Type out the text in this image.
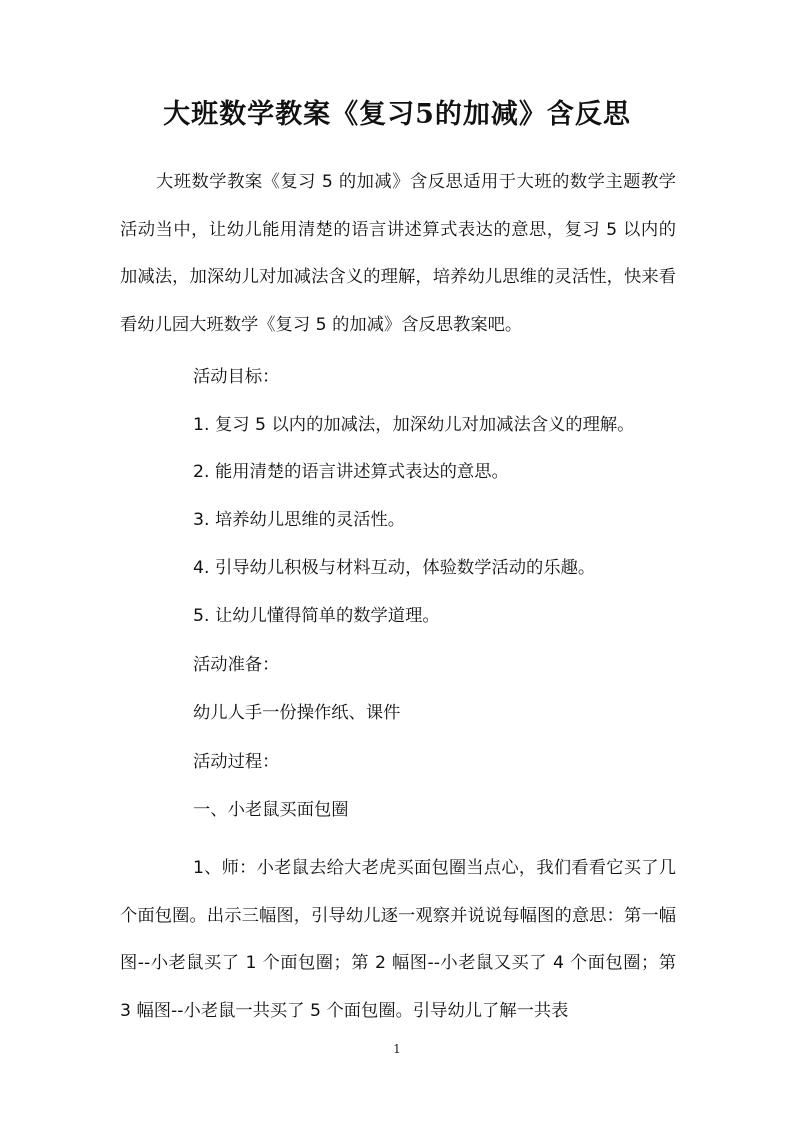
大班数学教案《复习5的加减》含反思
大班数学教案《复习 5 的加减》含反思适用于大班的数学主题教学活动当中，让幼儿能用清楚的语言讲述算式表达的意思，复习 5 以内的加减法，加深幼儿对加减法含义的理解，培养幼儿思维的灵活性，快来看看幼儿园大班数学《复习 5 的加减》含反思教案吧。
活动目标：
1. 复习 5 以内的加减法，加深幼儿对加减法含义的理解。
2. 能用清楚的语言讲述算式表达的意思。
3. 培养幼儿思维的灵活性。
4. 引导幼儿积极与材料互动，体验数学活动的乐趣。
5. 让幼儿懂得简单的数学道理。
活动准备：
幼儿人手一份操作纸、课件
活动过程：
一、小老鼠买面包圈
1、师：小老鼠去给大老虎买面包圈当点心，我们看看它买了几个面包圈。出示三幅图，引导幼儿逐一观察并说说每幅图的意思：第一幅图--小老鼠买了 1 个面包圈；第 2 幅图--小老鼠又买了 4 个面包圈；第 3 幅图--小老鼠一共买了 5 个面包圈。引导幼儿了解一共表
1
